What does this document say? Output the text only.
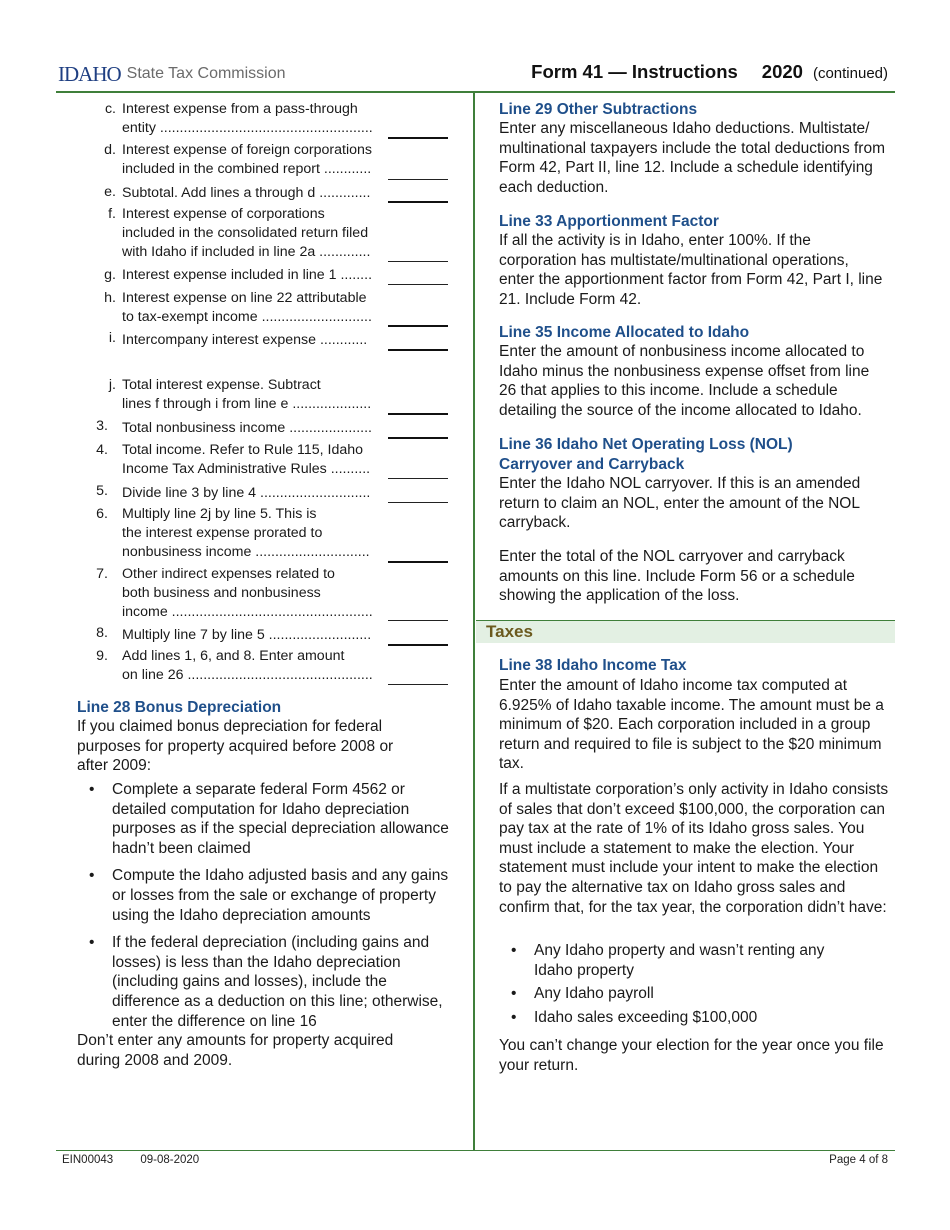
IDAHO State Tax Commission	Form 41 — Instructions 2020 (continued)
c. Interest expense from a pass-through
entity ......................................................
d. Interest expense of foreign corporations
included in the combined report ............
e. Subtotal. Add lines a through d .............
f. Interest expense of corporations
included in the consolidated return filed
with Idaho if included in line 2a .............
g. Interest expense included in line 1 ........
h. Interest expense on line 22 attributable
to tax-exempt income ............................
i. Intercompany interest expense ............
j. Total interest expense. Subtract
lines f through i from line e ....................
3. Total nonbusiness income .....................
4. Total income. Refer to Rule 115, Idaho
Income Tax Administrative Rules ..........
5. Divide line 3 by line 4 ............................
6. Multiply line 2j by line 5. This is
the interest expense prorated to
nonbusiness income .............................
7. Other indirect expenses related to
both business and nonbusiness
income ...................................................
8. Multiply line 7 by line 5 ..........................
9. Add lines 1, 6, and 8. Enter amount
on line 26 ...............................................
Line 28 Bonus Depreciation
If you claimed bonus depreciation for federal purposes for property acquired before 2008 or after 2009:
• Complete a separate federal Form 4562 or detailed computation for Idaho depreciation purposes as if the special depreciation allowance hadn’t been claimed
• Compute the Idaho adjusted basis and any gains or losses from the sale or exchange of property using the Idaho depreciation amounts
• If the federal depreciation (including gains and losses) is less than the Idaho depreciation (including gains and losses), include the difference as a deduction on this line; otherwise, enter the difference on line 16
Don’t enter any amounts for property acquired during 2008 and 2009.
Line 29 Other Subtractions
Enter any miscellaneous Idaho deductions. Multistate/ multinational taxpayers include the total deductions from Form 42, Part II, line 12. Include a schedule identifying each deduction.
Line 33 Apportionment Factor
If all the activity is in Idaho, enter 100%. If the corporation has multistate/multinational operations, enter the apportionment factor from Form 42, Part I, line 21. Include Form 42.
Line 35 Income Allocated to Idaho
Enter the amount of nonbusiness income allocated to Idaho minus the nonbusiness expense offset from line 26 that applies to this income. Include a schedule detailing the source of the income allocated to Idaho.
Line 36 Idaho Net Operating Loss (NOL)
Carryover and Carryback
Enter the Idaho NOL carryover. If this is an amended return to claim an NOL, enter the amount of the NOL carryback.
Enter the total of the NOL carryover and carryback amounts on this line. Include Form 56 or a schedule showing the application of the loss.
Taxes
Line 38 Idaho Income Tax
Enter the amount of Idaho income tax computed at 6.925% of Idaho taxable income. The amount must be a minimum of $20. Each corporation included in a group return and required to file is subject to the $20 minimum tax.
If a multistate corporation’s only activity in Idaho consists of sales that don’t exceed $100,000, the corporation can pay tax at the rate of 1% of its Idaho gross sales. You must include a statement to make the election. Your statement must include your intent to make the election to pay the alternative tax on Idaho gross sales and confirm that, for the tax year, the corporation didn’t have:
• Any Idaho property and wasn’t renting any Idaho property
• Any Idaho payroll
• Idaho sales exceeding $100,000
You can’t change your election for the year once you file your return.
EIN00043 09-08-2020	Page 4 of 8
